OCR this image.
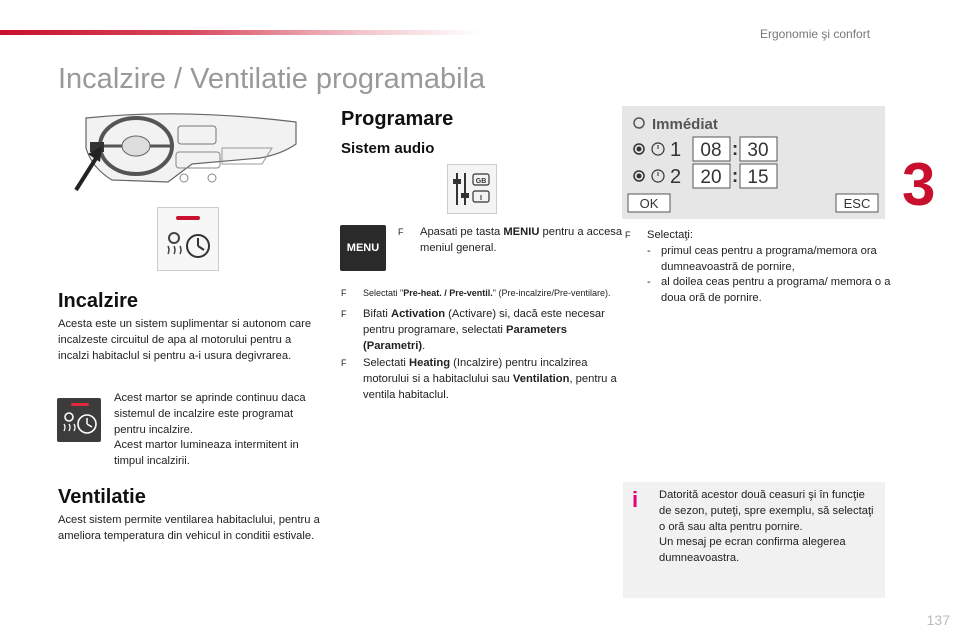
Ergonomie şi confort
3
Incalzire / Ventilatie programabila
Incalzire
Acesta este un sistem suplimentar si autonom care incalzeste circuitul de apa al motorului pentru a incalzi habitaclul si pentru a-i usura degivrarea.
Acest martor se aprinde continuu daca sistemul de incalzire este programat pentru incalzire.
Acest martor lumineaza intermitent in timpul incalzirii.
Ventilatie
Acest sistem permite ventilarea habitaclului, pentru a ameliora temperatura din vehicul in conditii estivale.
Programare
Sistem audio
GB
I
MENU
F Apasati pe tasta MENIU pentru a accesa meniul general.
F Selectati "Pre-heat. / Pre-ventil." (Pre-incalzire/Pre-ventilare).
F Bifati Activation (Activare) si, dacă este necesar pentru programare, selectati Parameters (Parametri).
F Selectati Heating (Incalzire) pentru incalzirea motorului si a habitaclului sau Ventilation, pentru a ventila habitaclul.
Immédiat
1 08 : 30
2 20 : 15
OK	ESC
F Selectaţi:
- primul ceas pentru a programa/memora ora dumneavoastră de pornire,
- al doilea ceas pentru a programa/ memora o a doua oră de pornire.
i Datorită acestor două ceasuri şi în funcţie de sezon, puteţi, spre exemplu, să selectaţi o oră sau alta pentru pornire.
Un mesaj pe ecran confirma alegerea dumneavoastra.
137
